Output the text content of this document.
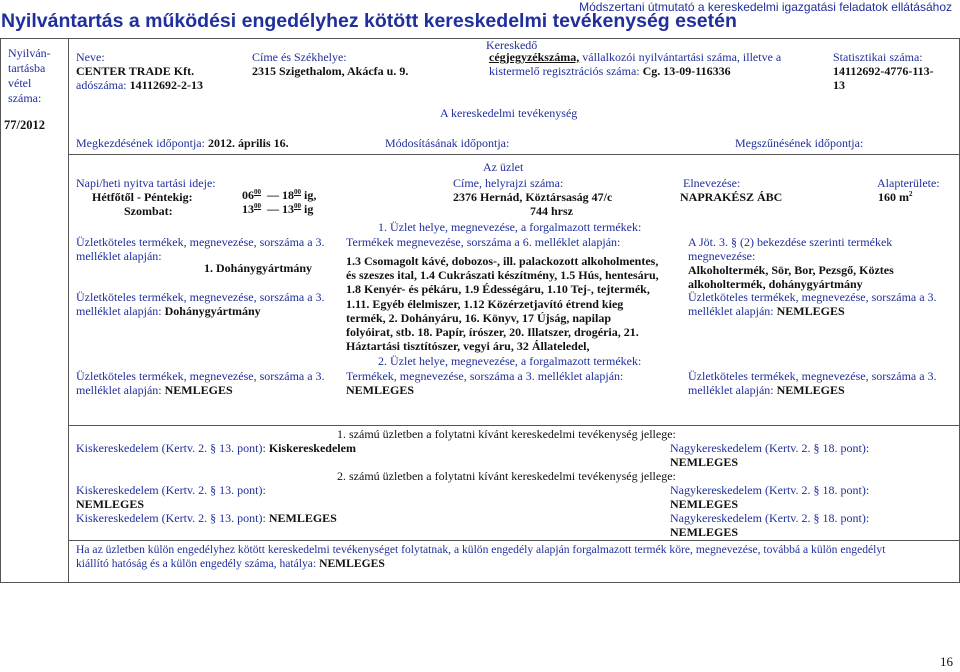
Módszertani útmutató a kereskedelmi igazgatási feladatok ellátásához
Nyilvántartás a működési engedélyhez kötött kereskedelmi tevékenység esetén
Nyilván-
tartásba
vétel
száma:
77/2012
Kereskedő
Neve:
CENTER TRADE Kft.
adószáma: 14112692-2-13
Címe és Székhelye:
2315 Szigethalom, Akácfa u. 9.
cégjegyzékszáma, vállalkozói nyilvántartási száma, illetve a
kistermelő regisztrációs száma: Cg. 13-09-116336
Statisztikai száma:
14112692-4776-113-
13
A kereskedelmi tevékenység
Megkezdésének időpontja: 2012. április 16.	Módosításának időpontja:	Megszűnésének időpontja:
Az üzlet
Napi/heti nyitva tartási ideje:
Hétfőtől - Péntekig:	$06^{00}$  — $18^{00}$ ig,
Szombat:	$13^{00}$  — $13^{00}$ ig
Címe, helyrajzi száma:
2376 Hernád, Köztársaság 47/c
744 hrsz
Elnevezése:
NAPRAKÉSZ ÁBC
Alapterülete:
160 $m^2$
Üzletköteles termékek, megnevezése, sorszáma a 3.
melléklet alapján:
1. Dohánygyártmány
Üzletköteles termékek, megnevezése, sorszáma a 3.
melléklet alapján: Dohánygyártmány
Üzletköteles termékek, megnevezése, sorszáma a 3.
melléklet alapján: NEMLEGES
1. Üzlet helye, megnevezése, a forgalmazott termékek:
Termékek megnevezése, sorszáma a 6. melléklet alapján:
1.3 Csomagolt kávé, dobozos-, ill. palackozott alkoholmentes,
és szeszes ital, 1.4 Cukrászati készítmény, 1.5 Hús, hentesáru,
1.8 Kenyér- és pékáru, 1.9 Édességáru, 1.10 Tej-, tejtermék,
1.11. Egyéb élelmiszer, 1.12 Közérzetjavító étrend kieg
termék, 2. Dohányáru, 16. Könyv, 17 Újság, napilap
folyóirat, stb. 18. Papír, írószer, 20. Illatszer, drogéria, 21.
Háztartási tisztítószer, vegyi áru, 32 Állateledel,
2. Üzlet helye, megnevezése, a forgalmazott termékek:
Termékek, megnevezése, sorszáma a 3. melléklet alapján:
NEMLEGES
A Jöt. 3. § (2) bekezdése szerinti termékek
megnevezése:
Alkoholtermék, Sör, Bor, Pezsgő, Köztes
alkoholtermék, dohánygyártmány
Üzletköteles termékek, megnevezése, sorszáma a 3.
melléklet alapján: NEMLEGES
Üzletköteles termékek, megnevezése, sorszáma a 3.
melléklet alapján: NEMLEGES
1. számú üzletben a folytatni kívánt kereskedelmi tevékenység jellege:
Kiskereskedelem (Kertv. 2. § 13. pont): Kiskereskedelem	Nagykereskedelem (Kertv. 2. § 18. pont):
NEMLEGES
2. számú üzletben a folytatni kívánt kereskedelmi tevékenység jellege:
Kiskereskedelem (Kertv. 2. § 13. pont):
NEMLEGES
Nagykereskedelem (Kertv. 2. § 18. pont):
NEMLEGES
Kiskereskedelem (Kertv. 2. § 13. pont): NEMLEGES	Nagykereskedelem (Kertv. 2. § 18. pont):
NEMLEGES
Ha az üzletben külön engedélyhez kötött kereskedelmi tevékenységet folytatnak, a külön engedély alapján forgalmazott termék köre, megnevezése, továbbá a külön engedélyt
kiállító hatóság és a külön engedély száma, hatálya: NEMLEGES
16
